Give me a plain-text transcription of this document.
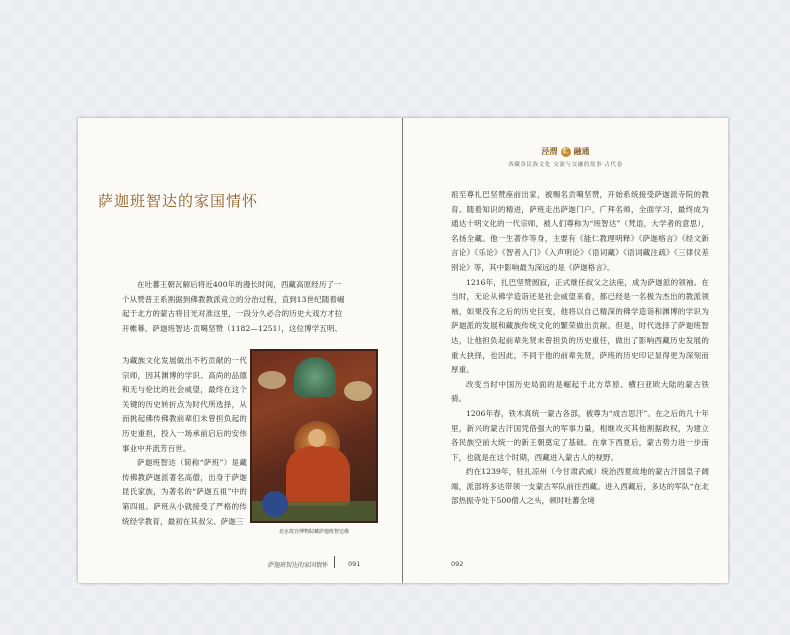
萨迦班智达的家国情怀

在吐蕃王朝瓦解后将近400年的漫长时间，西藏高原经历了一

个从赞普王系割据到佛教教派竞立的分治过程，直到13世纪随着崛

起于北方的蒙古将目光对准这里，一段分久必合的历史大戏方才拉

开帷幕。萨迦班智达·贡噶坚赞（1182—1251），这位博学五明、

为藏族文化发展做出不朽贡献的一代宗师，因其渊博的学识、高尚的品德和无与伦比的社会威望，最终在这个关键的历史转折点为时代所选择，从而挑起佛传佛教前辈们未曾担负起的历史重担，投入一场承前启后的安伟事业中并流芳百世。

萨迦班智达（简称“萨班”）是藏传佛教萨迦派著名高僧，出身于萨迦昆氏家族，为著名的“萨迦五祖”中的第四祖。萨班从小就接受了严格的传统经学教育，最初在其叔父、萨迦三

北京故宫博物院藏萨迦班智达像
萨迦班智达的家国情怀	091
泾渭 汇 融通
西藏各民族文化 交流与交融的故事·古代卷

祖至尊扎巴坚赞座前出家，被赐名贡噶坚赞，开始系统接受萨迦派寺院的教育。随着知识的精进，萨班走出萨迦门户，广拜名师，全面学习，最终成为通达十明文化的一代宗师，被人们尊称为“班智达”（梵语，大学者的意思），名扬全藏。他一生著作等身，主要有《能仁教理明释》《萨迦格言》《经文新言论》《乐论》《智者入门》《入声明论》《语词藏》《语词藏注疏》《三律仪差别论》等，其中影响最为深远的是《萨迦格言》。

1216年，扎巴坚赞圆寂，正式继任叔父之法座，成为萨迦派的领袖。在当时，无论从佛学造诣还是社会威望来看，都已经是一名极为杰出的教派领袖，如果没有之后的历史巨变，他将以自己精深的佛学造诣和渊博的学识为萨迦派的发展和藏族传统文化的繁荣做出贡献。但是，时代选择了萨迦班智达，让他担负起前辈先贤未曾担负的历史重任，做出了影响西藏历史发展的重大抉择，也因此，不同于他的前辈先贤，萨班的历史印记显得更为深刻而厚重。

改变当时中国历史局面的是崛起于北方草原、横扫亚欧大陆的蒙古铁骑。

1206年春，铁木真统一蒙古各部，被尊为“成吉思汗”。在之后的几十年里，新兴的蒙古汗国凭借强大的军事力量，相继攻灭其他割据政权，为建立各民族空前大统一的新王朝奠定了基础。在拿下西夏后，蒙古势力进一步南下，也就是在这个时期，西藏进入蒙古人的视野。

约在1239年，驻扎凉州（今甘肃武威）统治西夏故地的蒙古汗国皇子阔端，派部将多达带领一支蒙古军队前往西藏。进入西藏后，多达的军队“在北部热振寺处下500僧人之头，顿时吐蕃全境

092
